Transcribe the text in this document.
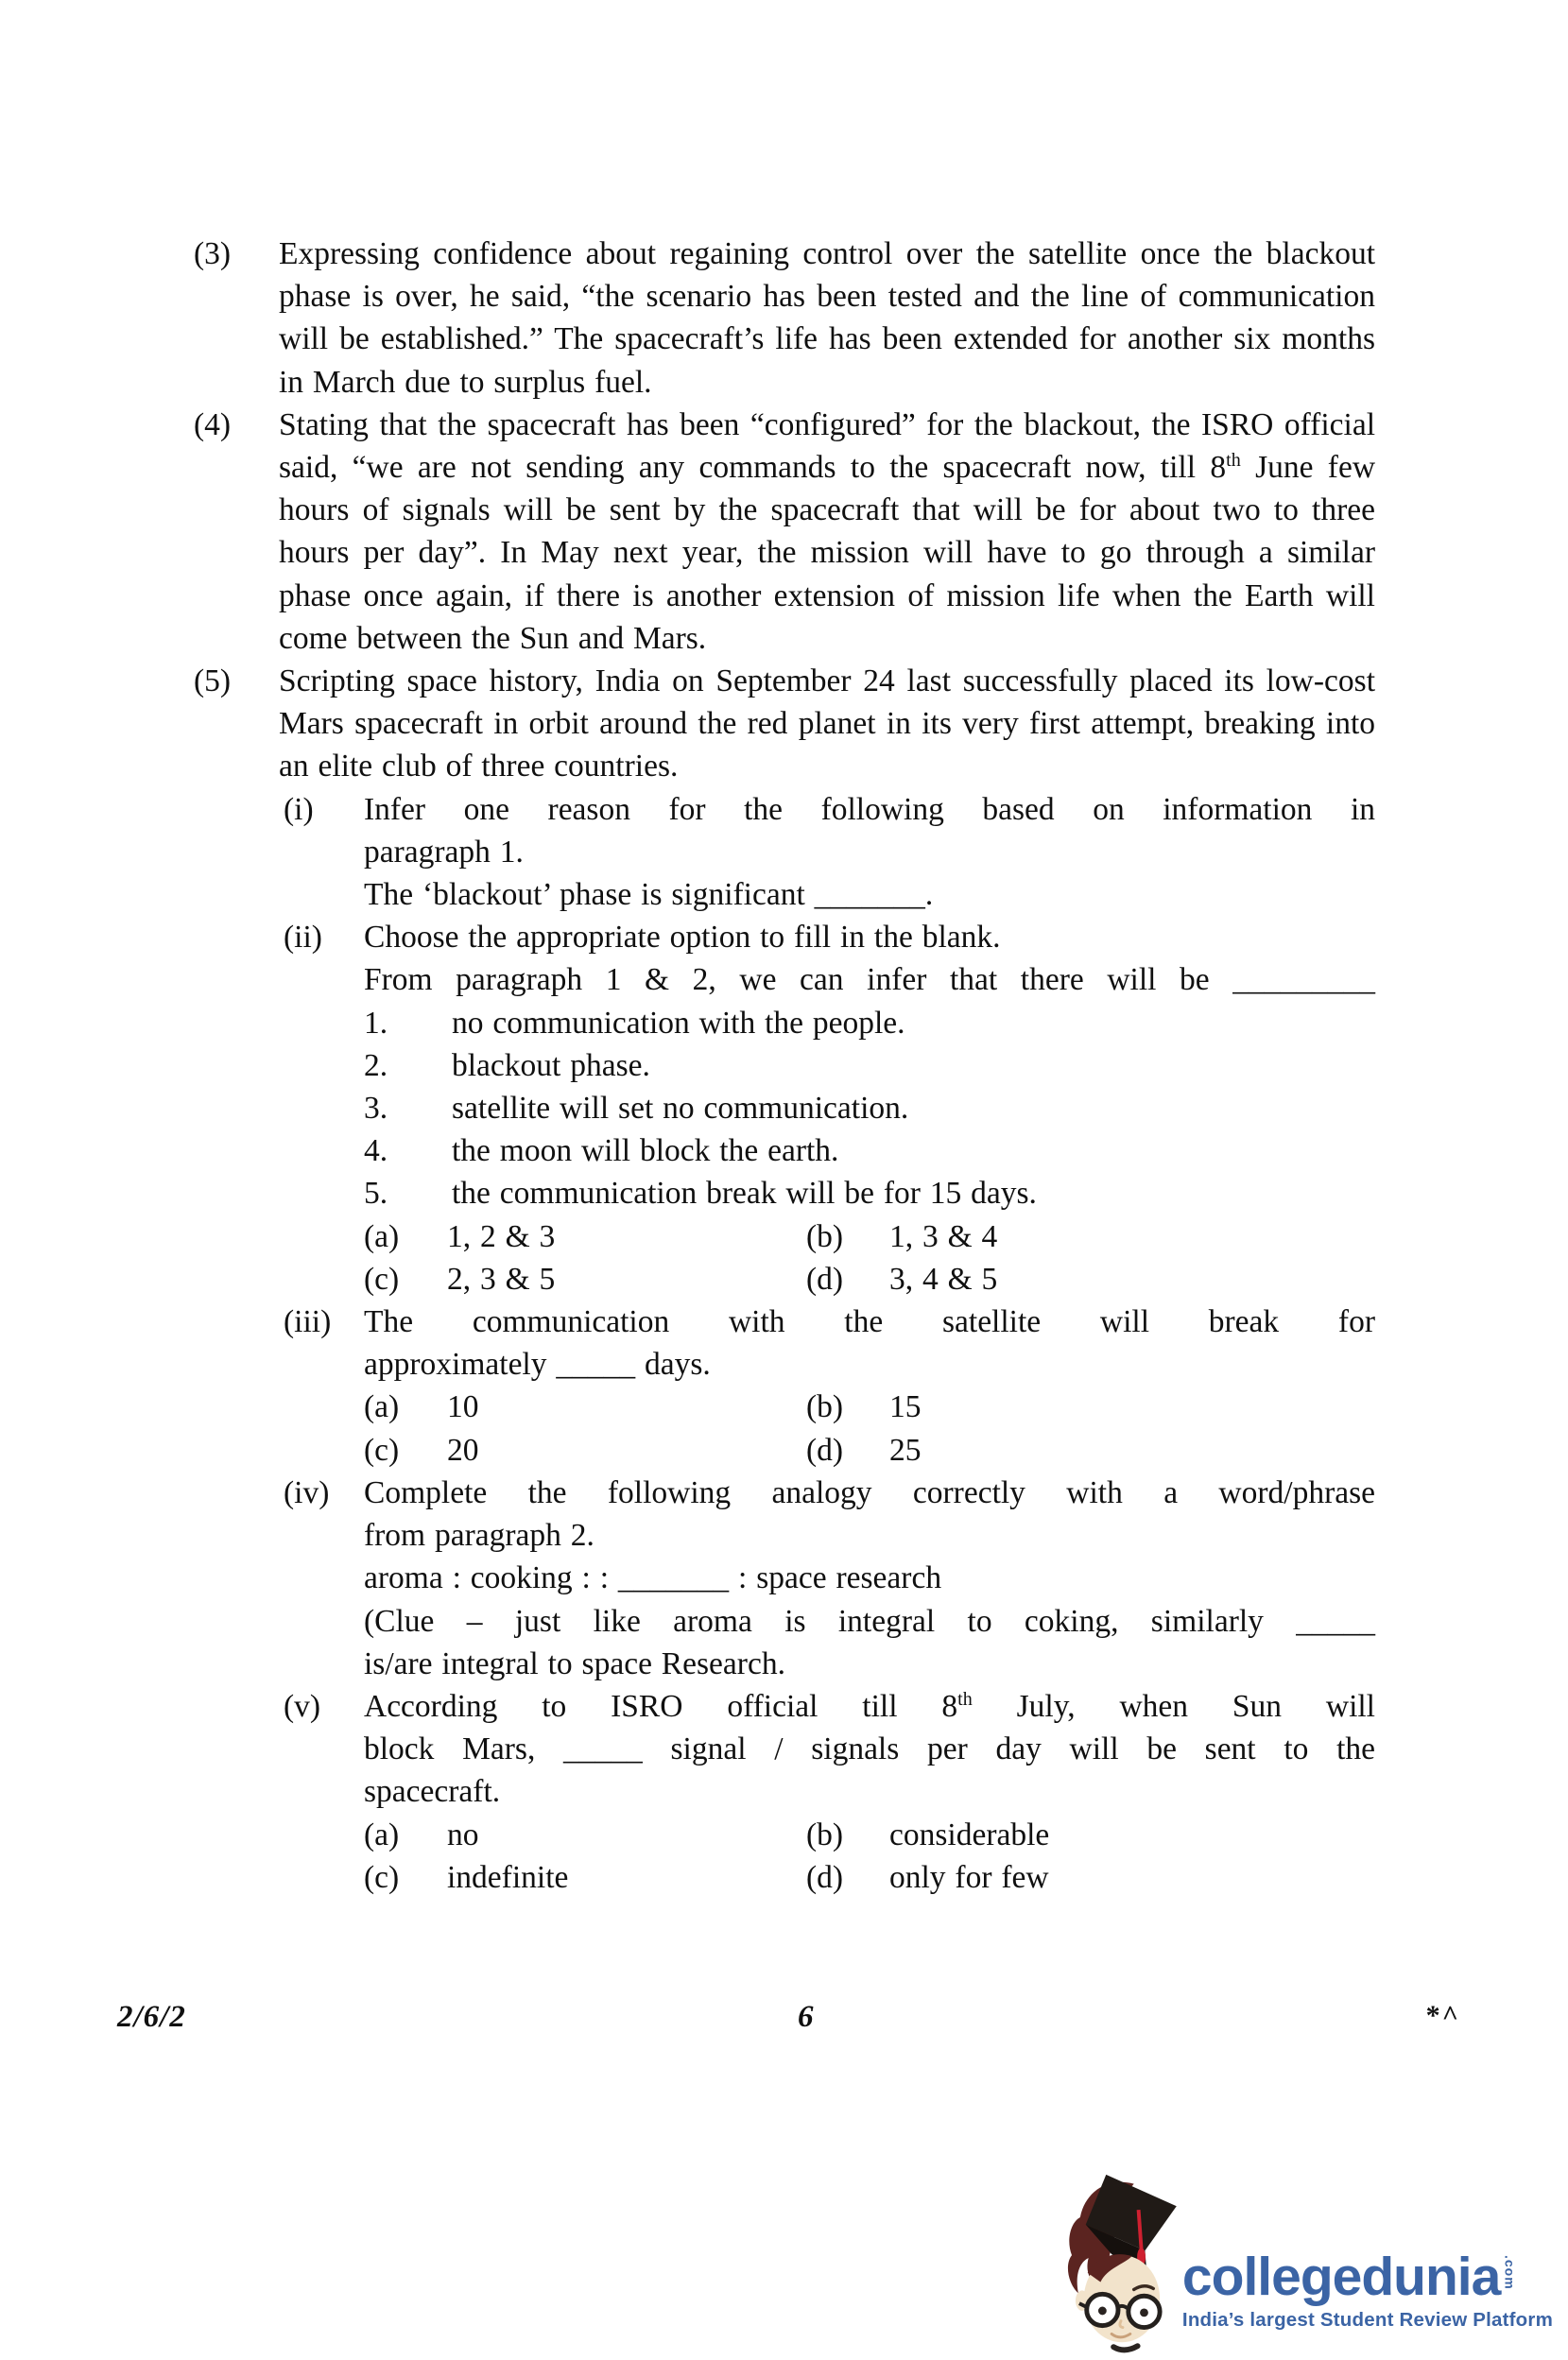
(3)	Expressing confidence about regaining control over the satellite once the blackout phase is over, he said, “the scenario has been tested and the line of communication will be established.” The spacecraft’s life has been extended for another six months in March due to surplus fuel.

(4)	Stating that the spacecraft has been “configured” for the blackout, the ISRO official said, “we are not sending any commands to the spacecraft now, till 8th June few hours of signals will be sent by the spacecraft that will be for about two to three hours per day”. In May next year, the mission will have to go through a similar phase once again, if there is another extension of mission life when the Earth will come between the Sun and Mars.

(5)	Scripting space history, India on September 24 last successfully placed its low-cost Mars spacecraft in orbit around the red planet in its very first attempt, breaking into an elite club of three countries.

(i)	Infer one reason for the following based on information in

paragraph 1.

The ‘blackout’ phase is significant _______.

(ii)	Choose the appropriate option to fill in the blank.

From paragraph 1 & 2, we can infer that there will be _________

1.	no communication with the people.
2.	blackout phase.
3.	satellite will set no communication.
4.	the moon will block the earth.
5.	the communication break will be for 15 days.
(a)	1, 2 & 3	(b)	1, 3 & 4
(c)	2, 3 & 5	(d)	3, 4 & 5
(iii)	The communication with the satellite will break for

approximately _____ days.

(a)	10	(b)	15
(c)	20	(d)	25
(iv)	Complete the following analogy correctly with a word/phrase

from paragraph 2.

aroma : cooking : : _______ : space research

(Clue – just like aroma is integral to coking, similarly _____

is/are integral to space Research.

(v)	According to ISRO official till 8th July, when Sun will

block Mars, _____ signal / signals per day will be sent to the

spacecraft.

(a)	no	(b)	considerable
(c)	indefinite	(d)	only for few
2/6/2	6	*^
collegedunia .com
India’s largest Student Review Platform
